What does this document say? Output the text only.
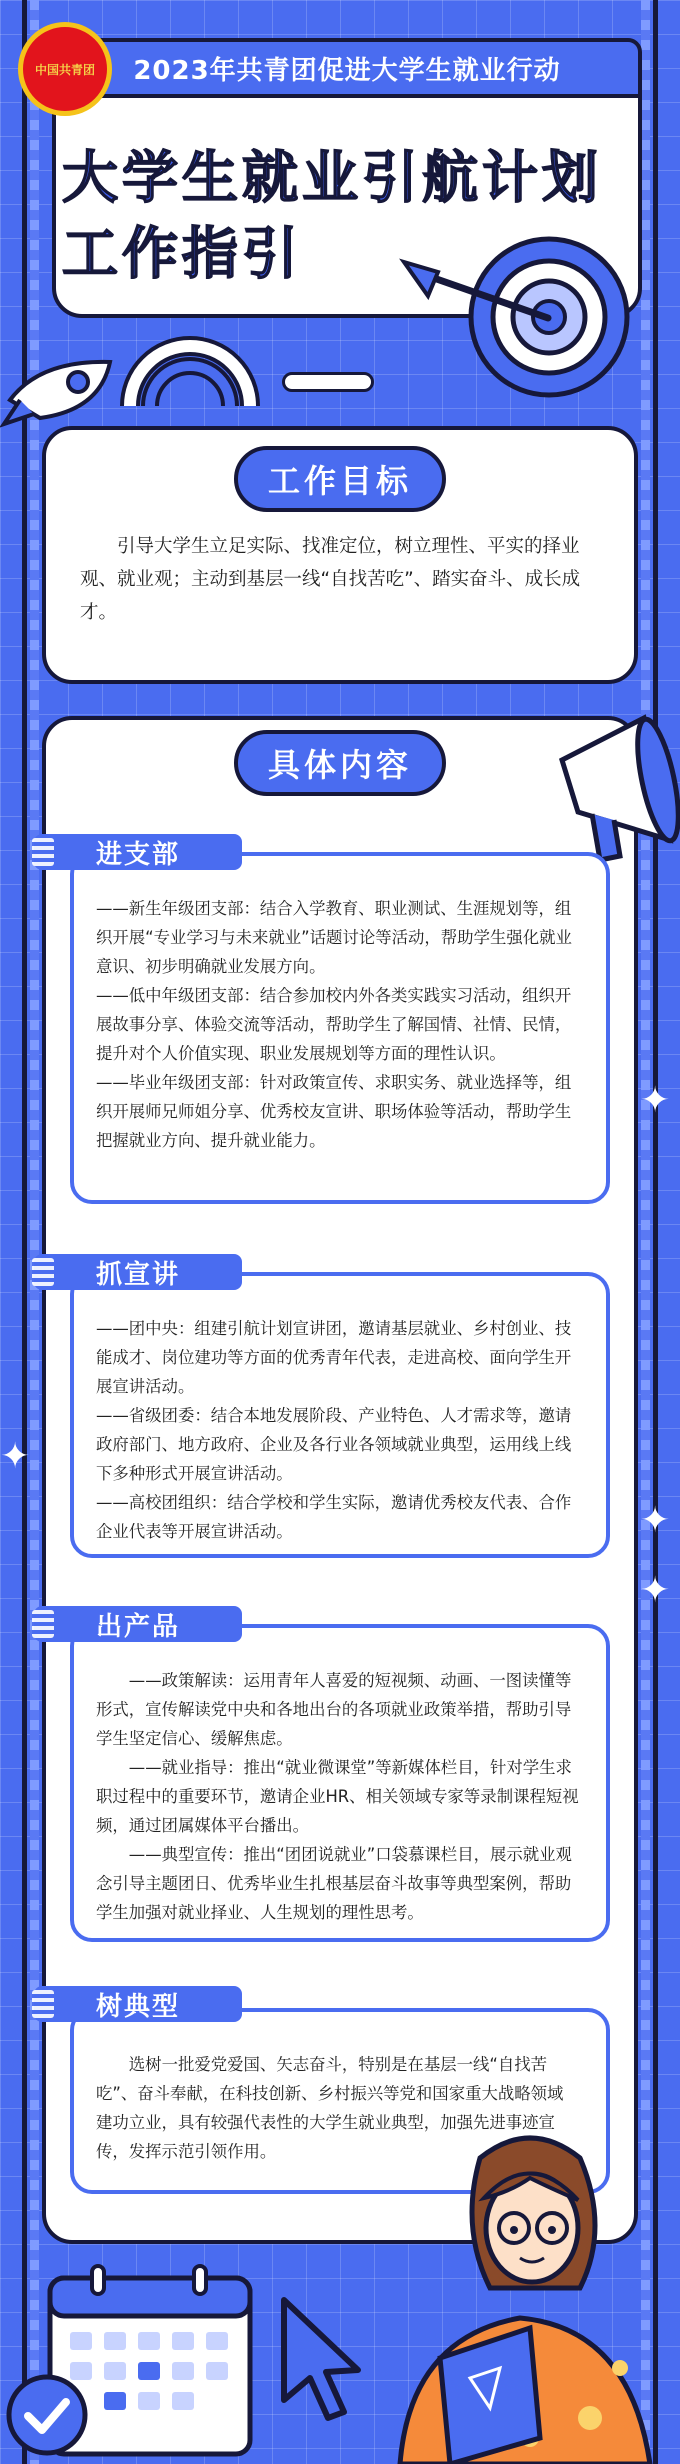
2023年共青团促进大学生就业行动
大学生就业引航计划
工作指引
中国共青团
工作目标

引导大学生立足实际、找准定位，树立理性、平实的择业观、就业观；主动到基层一线“自找苦吃”、踏实奋斗、成长成才。

具体内容

——新生年级团支部：结合入学教育、职业测试、生涯规划等，组织开展“专业学习与未来就业”话题讨论等活动，帮助学生强化就业意识、初步明确就业发展方向。

——低中年级团支部：结合参加校内外各类实践实习活动，组织开展故事分享、体验交流等活动，帮助学生了解国情、社情、民情，提升对个人价值实现、职业发展规划等方面的理性认识。

——毕业年级团支部：针对政策宣传、求职实务、就业选择等，组织开展师兄师姐分享、优秀校友宣讲、职场体验等活动，帮助学生把握就业方向、提升就业能力。

进支部

——团中央：组建引航计划宣讲团，邀请基层就业、乡村创业、技能成才、岗位建功等方面的优秀青年代表，走进高校、面向学生开展宣讲活动。

——省级团委：结合本地发展阶段、产业特色、人才需求等，邀请政府部门、地方政府、企业及各行业各领域就业典型，运用线上线下多种形式开展宣讲活动。

——高校团组织：结合学校和学生实际，邀请优秀校友代表、合作企业代表等开展宣讲活动。

抓宣讲

——政策解读：运用青年人喜爱的短视频、动画、一图读懂等形式，宣传解读党中央和各地出台的各项就业政策举措，帮助引导学生坚定信心、缓解焦虑。

——就业指导：推出“就业微课堂”等新媒体栏目，针对学生求职过程中的重要环节，邀请企业HR、相关领域专家等录制课程短视频，通过团属媒体平台播出。

——典型宣传：推出“团团说就业”口袋慕课栏目，展示就业观念引导主题团日、优秀毕业生扎根基层奋斗故事等典型案例，帮助学生加强对就业择业、人生规划的理性思考。

出产品

选树一批爱党爱国、矢志奋斗，特别是在基层一线“自找苦吃”、奋斗奉献，在科技创新、乡村振兴等党和国家重大战略领域建功立业，具有较强代表性的大学生就业典型，加强先进事迹宣传，发挥示范引领作用。

树典型
✦
✦
✦
✦
